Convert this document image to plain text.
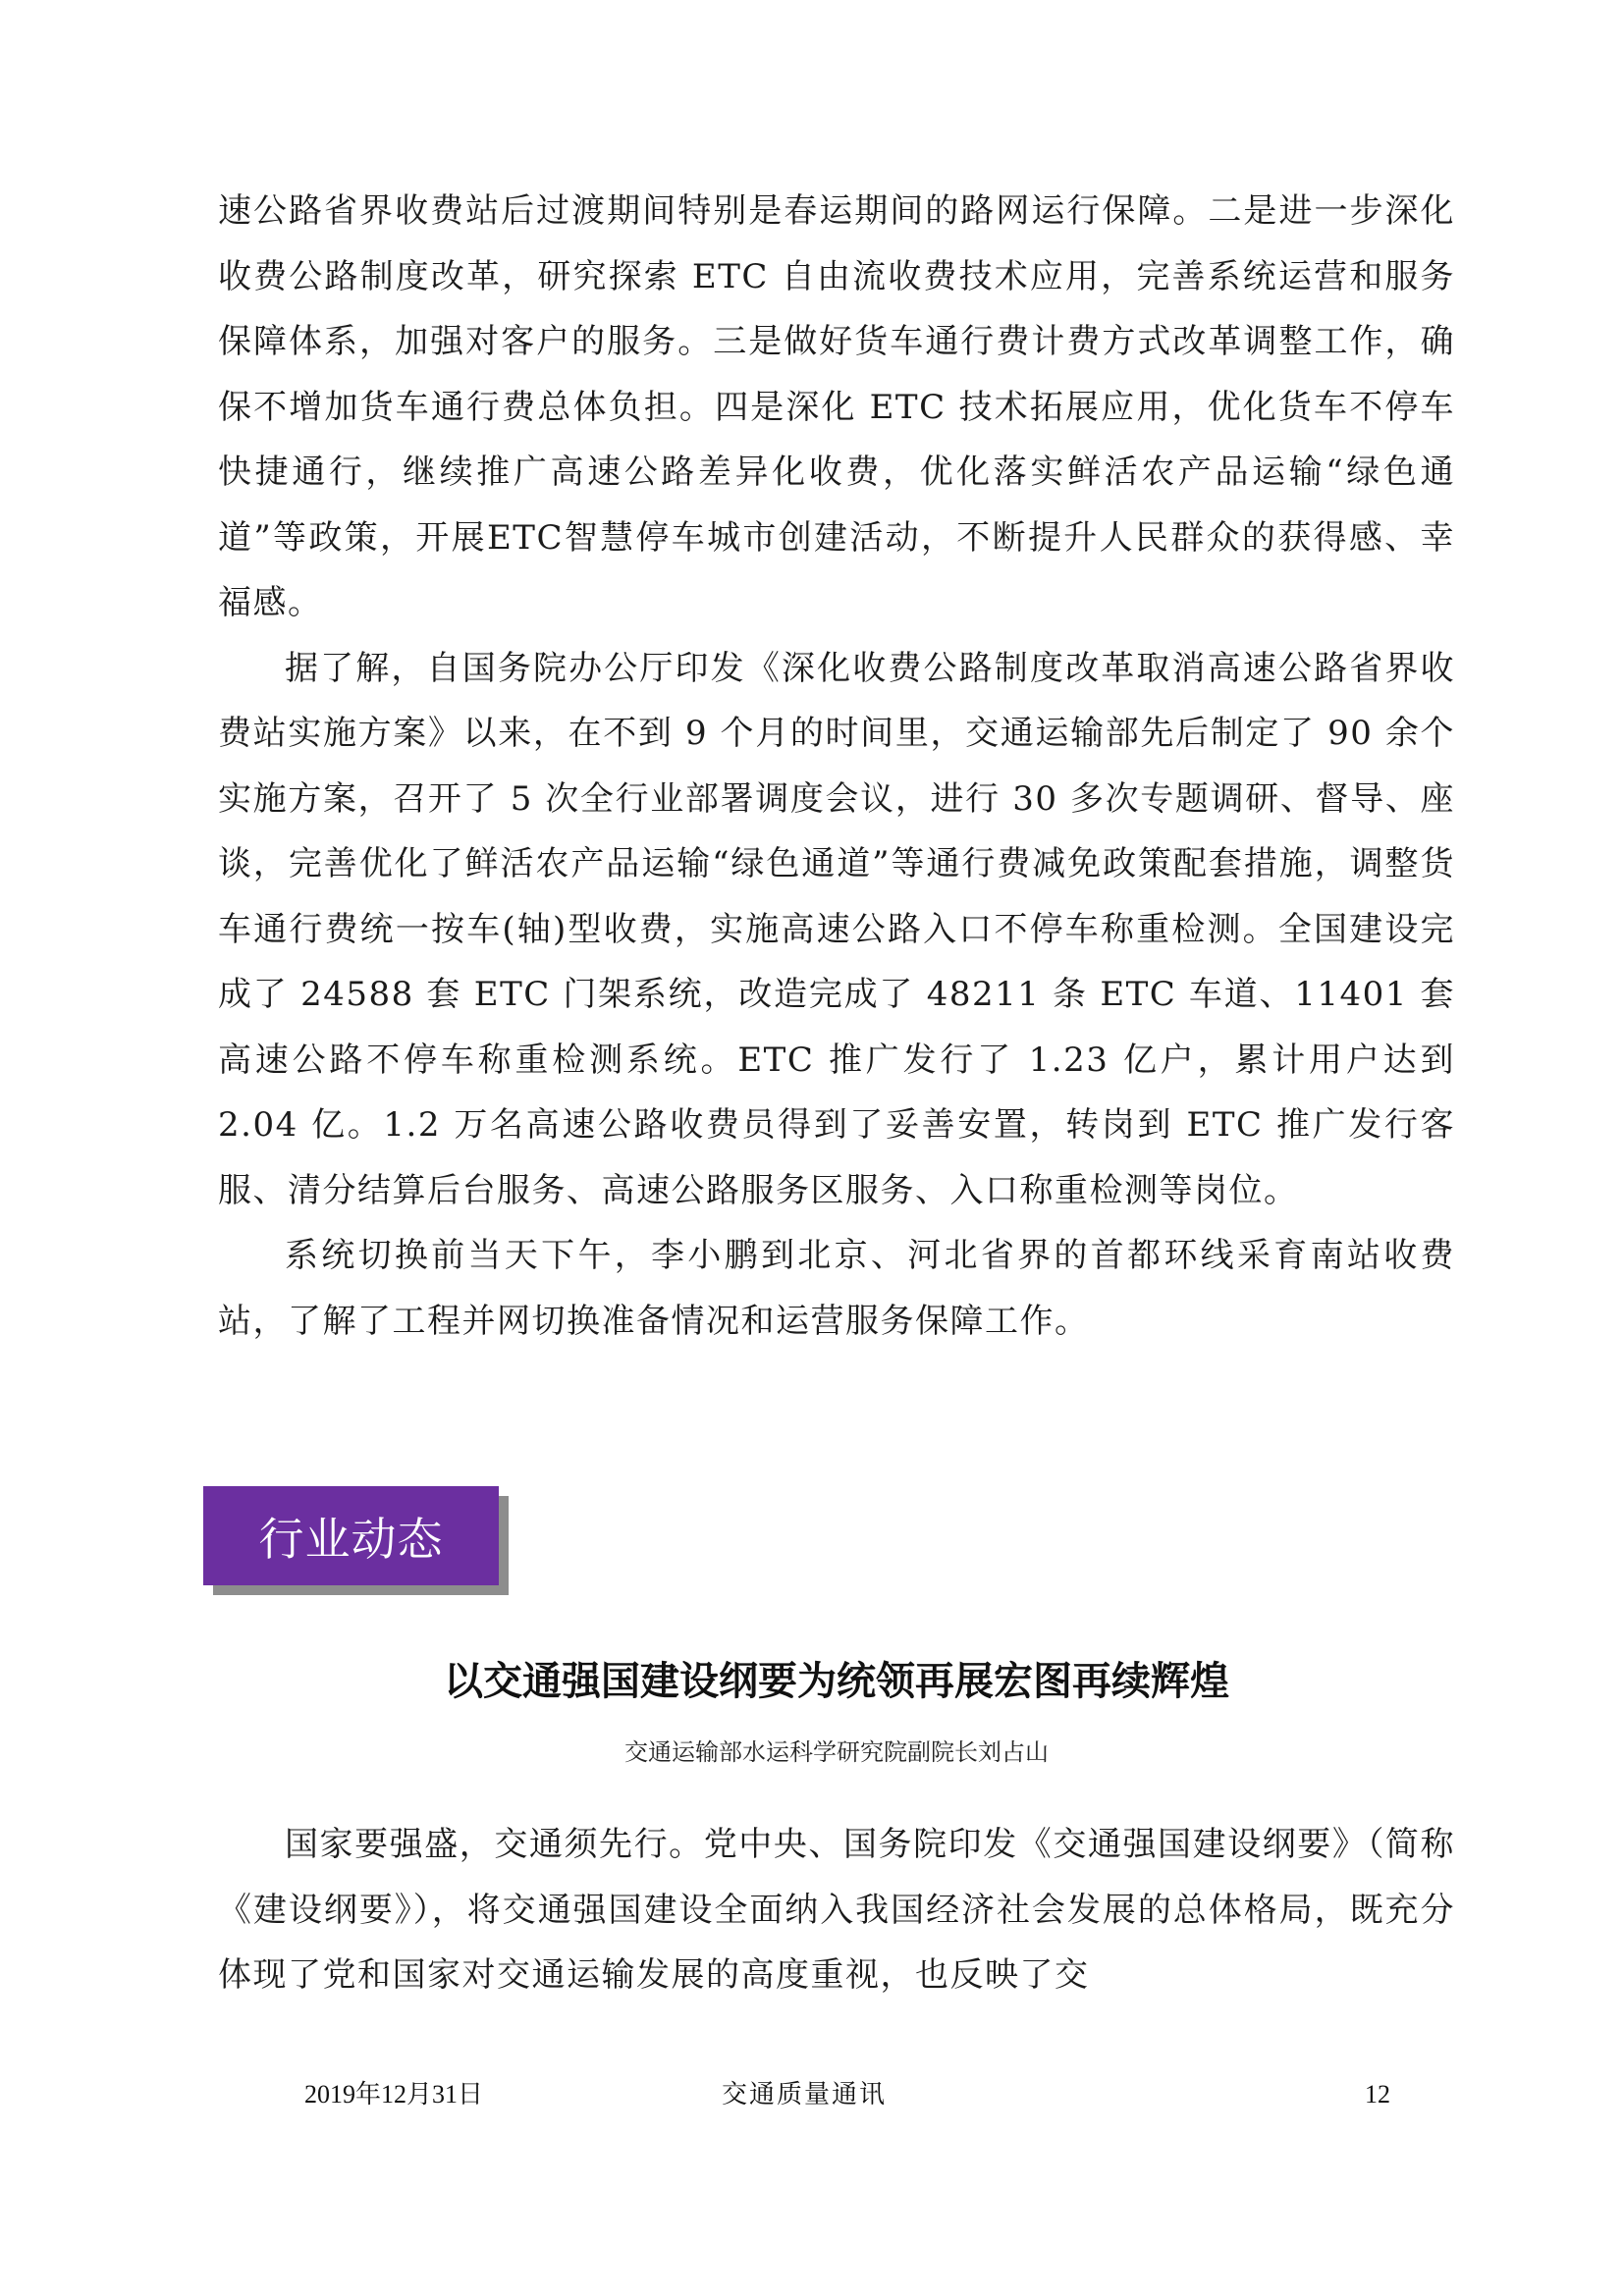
速公路省界收费站后过渡期间特别是春运期间的路网运行保障。二是进一步深化收费公路制度改革，研究探索 ETC 自由流收费技术应用，完善系统运营和服务保障体系，加强对客户的服务。三是做好货车通行费计费方式改革调整工作，确保不增加货车通行费总体负担。四是深化 ETC 技术拓展应用，优化货车不停车快捷通行，继续推广高速公路差异化收费，优化落实鲜活农产品运输“绿色通道”等政策，开展ETC智慧停车城市创建活动，不断提升人民群众的获得感、幸福感。

据了解，自国务院办公厅印发《深化收费公路制度改革取消高速公路省界收费站实施方案》以来，在不到 9 个月的时间里，交通运输部先后制定了 90 余个实施方案，召开了 5 次全行业部署调度会议，进行 30 多次专题调研、督导、座谈，完善优化了鲜活农产品运输“绿色通道”等通行费减免政策配套措施，调整货车通行费统一按车(轴)型收费，实施高速公路入口不停车称重检测。全国建设完成了 24588 套 ETC 门架系统，改造完成了 48211 条 ETC 车道、11401 套高速公路不停车称重检测系统。ETC 推广发行了 1.23 亿户，累计用户达到 2.04 亿。1.2 万名高速公路收费员得到了妥善安置，转岗到 ETC 推广发行客服、清分结算后台服务、高速公路服务区服务、入口称重检测等岗位。

系统切换前当天下午，李小鹏到北京、河北省界的首都环线采育南站收费站，了解了工程并网切换准备情况和运营服务保障工作。

行业动态
以交通强国建设纲要为统领再展宏图再续辉煌

交通运输部水运科学研究院副院长刘占山

国家要强盛，交通须先行。党中央、国务院印发《交通强国建设纲要》（简称《建设纲要》），将交通强国建设全面纳入我国经济社会发展的总体格局，既充分体现了党和国家对交通运输发展的高度重视，也反映了交

2019年12月31日	交通质量通讯	12
